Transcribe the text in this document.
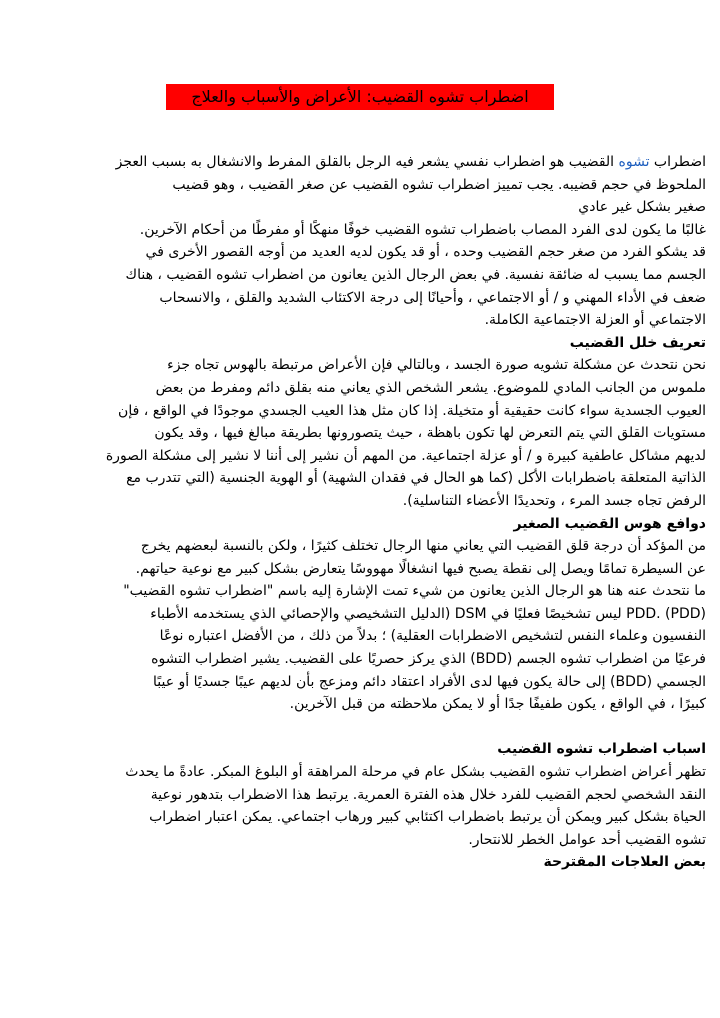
اضطراب تشوه القضيب: الأعراض والأسباب والعلاج
اضطراب تشوه القضيب هو اضطراب نفسي يشعر فيه الرجل بالقلق المفرط والانشغال به بسبب العجز
الملحوظ في حجم قضيبه. يجب تمييز اضطراب تشوه القضيب عن صغر القضيب ، وهو قضيب
صغير بشكل غير عادي
غالبًا ما يكون لدى الفرد المصاب باضطراب تشوه القضيب خوفًا منهكًا أو مفرطًا من أحكام الآخرين.
قد يشكو الفرد من صغر حجم القضيب وحده ، أو قد يكون لديه العديد من أوجه القصور الأخرى في
الجسم مما يسبب له ضائقة نفسية. في بعض الرجال الذين يعانون من اضطراب تشوه القضيب ، هناك
ضعف في الأداء المهني و / أو الاجتماعي ، وأحيانًا إلى درجة الاكتئاب الشديد والقلق ، والانسحاب
الاجتماعي أو العزلة الاجتماعية الكاملة.
تعريف خلل القضيب
نحن نتحدث عن مشكلة تشويه صورة الجسد ، وبالتالي فإن الأعراض مرتبطة بالهوس تجاه جزء
ملموس من الجانب المادي للموضوع. يشعر الشخص الذي يعاني منه بقلق دائم ومفرط من بعض
العيوب الجسدية سواء كانت حقيقية أو متخيلة. إذا كان مثل هذا العيب الجسدي موجودًا في الواقع ، فإن
مستويات القلق التي يتم التعرض لها تكون باهظة ، حيث يتصورونها بطريقة مبالغ فيها ، وقد يكون
لديهم مشاكل عاطفية كبيرة و / أو عزلة اجتماعية. من المهم أن نشير إلى أننا لا نشير إلى مشكلة الصورة
الذاتية المتعلقة باضطرابات الأكل (كما هو الحال في فقدان الشهية) أو الهوية الجنسية (التي تتدرب مع
الرفض تجاه جسد المرء ، وتحديدًا الأعضاء التناسلية).
دوافع هوس القضيب الصغير
من المؤكد أن درجة قلق القضيب التي يعاني منها الرجال تختلف كثيرًا ، ولكن بالنسبة لبعضهم يخرج
عن السيطرة تمامًا ويصل إلى نقطة يصبح فيها انشغالًا مهووسًا يتعارض بشكل كبير مع نوعية حياتهم.
ما نتحدث عنه هنا هو الرجال الذين يعانون من شيء تمت الإشارة إليه باسم "اضطراب تشوه القضيب"
(PDD) .PDD ليس تشخيصًا فعليًا في DSM (الدليل التشخيصي والإحصائي الذي يستخدمه الأطباء
النفسيون وعلماء النفس لتشخيص الاضطرابات العقلية) ؛ بدلاً من ذلك ، من الأفضل اعتباره نوعًا
فرعيًا من اضطراب تشوه الجسم (BDD) الذي يركز حصريًا على القضيب. يشير اضطراب التشوه
الجسمي (BDD) إلى حالة يكون فيها لدى الأفراد اعتقاد دائم ومزعج بأن لديهم عيبًا جسديًا أو عيبًا
كبيرًا ، في الواقع ، يكون طفيفًا جدًا أو لا يمكن ملاحظته من قبل الآخرين.
اسباب اضطراب تشوه القضيب
تظهر أعراض اضطراب تشوه القضيب بشكل عام في مرحلة المراهقة أو البلوغ المبكر. عادةً ما يحدث
النقد الشخصي لحجم القضيب للفرد خلال هذه الفترة العمرية. يرتبط هذا الاضطراب بتدهور نوعية
الحياة بشكل كبير ويمكن أن يرتبط باضطراب اكتئابي كبير ورهاب اجتماعي. يمكن اعتبار اضطراب
تشوه القضيب أحد عوامل الخطر للانتحار.
بعض العلاجات المقترحة
